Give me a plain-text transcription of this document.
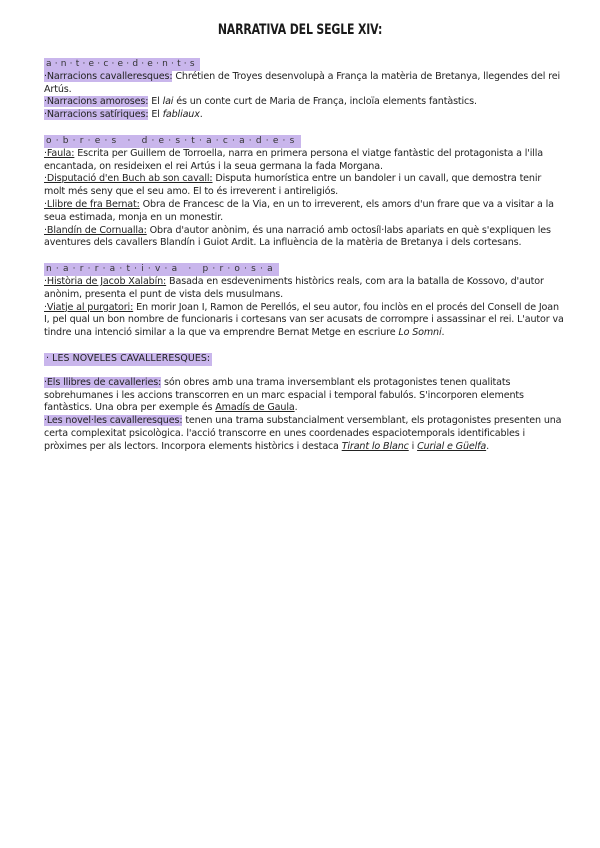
NARRATIVA DEL SEGLE XIV:
a·n·t·e·c·e·d·e·n·t·s

·Narracions cavalleresques: Chrétien de Troyes desenvolupà a França la matèria de Bretanya, llegendes del rei Artús.

·Narracions amoroses: El lai és un conte curt de Maria de França, incloïa elements fantàstics.

·Narracions satíriques: El fabliaux.

o·b·r·e·s · d·e·s·t·a·c·a·d·e·s

·Faula: Escrita per Guillem de Torroella, narra en primera persona el viatge fantàstic del protagonista a l'illa encantada, on resideixen el rei Artús i la seua germana la fada Morgana.

·Disputació d'en Buch ab son cavall: Disputa humorística entre un bandoler i un cavall, que demostra tenir molt més seny que el seu amo. El to és irreverent i antireligiós.

·Llibre de fra Bernat: Obra de Francesc de la Via, en un to irreverent, els amors d'un frare que va a visitar a la seua estimada, monja en un monestir.

·Blandín de Cornualla: Obra d'autor anònim, és una narració amb octosíl·labs apariats en què s'expliquen les aventures dels cavallers Blandín i Guiot Ardit. La influència de la matèria de Bretanya i dels cortesans.

n·a·r·r·a·t·i·v·a · p·r·o·s·a

·Història de Jacob Xalabín: Basada en esdeveniments històrics reals, com ara la batalla de Kossovo, d'autor anònim, presenta el punt de vista dels musulmans.

·Viatje al purgatori: En morir Joan I, Ramon de Perellós, el seu autor, fou inclòs en el procés del Consell de Joan I, pel qual un bon nombre de funcionaris i cortesans van ser acusats de corrompre i assassinar el rei. L'autor va tindre una intenció similar a la que va emprendre Bernat Metge en escriure Lo Somni.

· LES NOVELES CAVALLERESQUES:

·Els llibres de cavalleries: són obres amb una trama inversemblant els protagonistes tenen qualitats sobrehumanes i les accions transcorren en un marc espacial i temporal fabulós. S'incorporen elements fantàstics. Una obra per exemple és Amadís de Gaula.

·Les novel·les cavalleresques: tenen una trama substancialment versemblant, els protagonistes presenten una certa complexitat psicològica. l'acció transcorre en unes coordenades espaciotemporals identificables i pròximes per als lectors. Incorpora elements històrics i destaca Tirant lo Blanc i Curial e Güelfa.
